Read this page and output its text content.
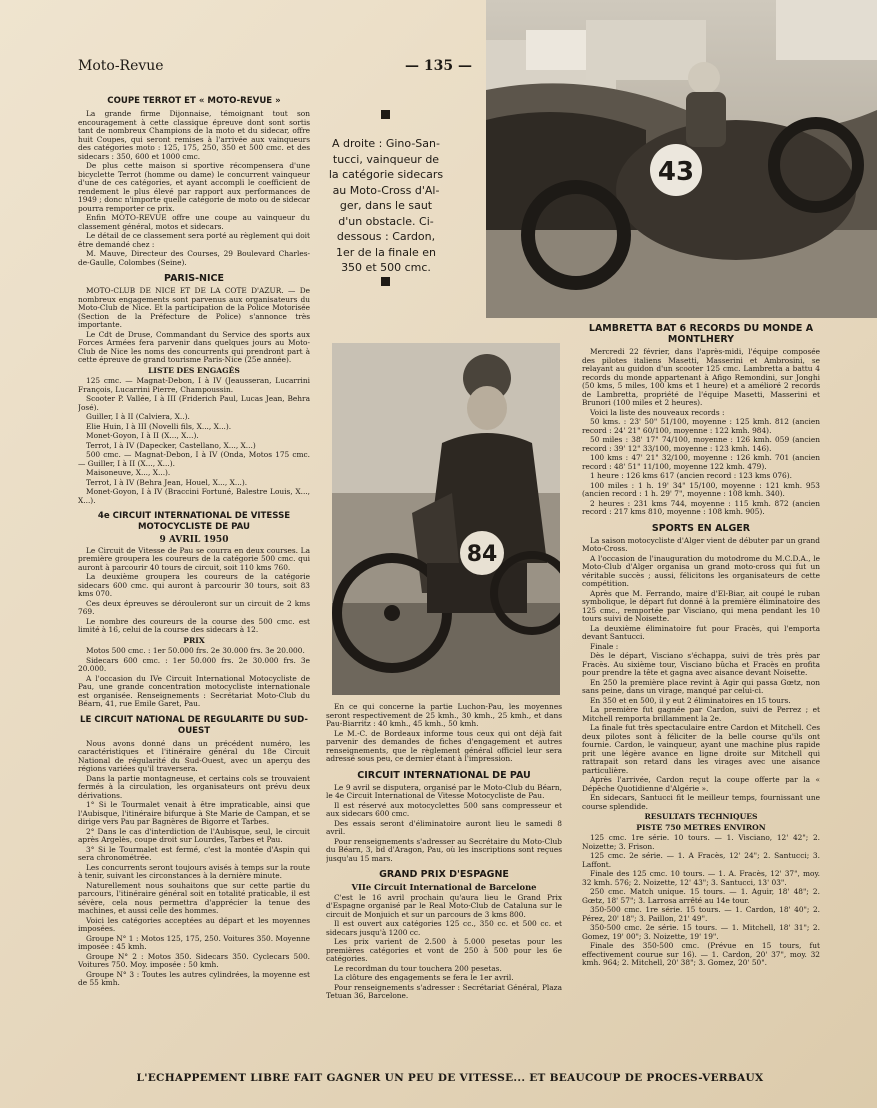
Moto-Revue	— 135 —
COUPE TERROT ET « MOTO-REVUE »

La grande firme Dijonnaise, témoignant tout son encouragement à cette classique épreuve dont sont sortis tant de nombreux Champions de la moto et du sidecar, offre huit Coupes, qui seront remises à l'arrivée aux vainqueurs des catégories moto : 125, 175, 250, 350 et 500 cmc. et des sidecars : 350, 600 et 1000 cmc.

De plus cette maison si sportive récompensera d'une bicyclette Terrot (homme ou dame) le concurrent vainqueur d'une de ces catégories, et ayant accompli le coefficient de rendement le plus élevé par rapport aux performances de 1949 ; donc n'importe quelle catégorie de moto ou de sidecar pourra remporter ce prix.

Enfin MOTO-REVUE offre une coupe au vainqueur du classement général, motos et sidecars.

Le détail de ce classement sera porté au règlement qui doit être demandé chez :

M. Mauve, Directeur des Courses, 29 Boulevard Charles-de-Gaulle, Colombes (Seine).

PARIS-NICE

MOTO-CLUB DE NICE ET DE LA COTE D'AZUR. — De nombreux engagements sont parvenus aux organisateurs du Moto-Club de Nice. Et la participation de la Police Motorisée (Section de la Préfecture de Police) s'annonce très importante.

Le Cdt de Druse, Commandant du Service des sports aux Forces Armées fera parvenir dans quelques jours au Moto-Club de Nice les noms des concurrents qui prendront part à cette épreuve de grand tourisme Paris-Nice (25e année).

LISTE DES ENGAGÉS

125 cmc. — Magnat-Debon, I à IV (Jeausseran, Lucarrini François, Lucarrini Pierre, Champoussin.

Scooter P. Vallée, I à III (Friderich Paul, Lucas Jean, Behra José).

Guiller, I à II (Calviera, X..).

Elie Huin, I à III (Novelli fils, X..., X...).

Monet-Goyon, I à II (X..., X...).

Terrot, I à IV (Dapecker, Castellano, X..., X...)

500 cmc. — Magnat-Debon, I à IV (Onda, Motos 175 cmc. — Guiller, I à II (X..., X...).

Maisoneuve, X..., X...).

Terrot, I à IV (Behra Jean, Houel, X..., X...).

Monet-Goyon, I à IV (Braccini Fortuné, Balestre Louis, X..., X...).

4e CIRCUIT INTERNATIONAL DE VITESSE MOTOCYCLISTE DE PAU
9 AVRIL 1950

Le Circuit de Vitesse de Pau se courra en deux courses. La première groupera les coureurs de la catégorie 500 cmc. qui auront à parcourir 40 tours de circuit, soit 110 kms 760.

La deuxième groupera les coureurs de la catégorie sidecars 600 cmc. qui auront à parcourir 30 tours, soit 83 kms 070.

Ces deux épreuves se dérouleront sur un circuit de 2 kms 769.

Le nombre des coureurs de la course des 500 cmc. est limité à 16, celui de la course des sidecars à 12.

PRIX

Motos 500 cmc. : 1er 50.000 frs. 2e 30.000 frs. 3e 20.000.

Sidecars 600 cmc. : 1er 50.000 frs. 2e 30.000 frs. 3e 20.000.

A l'occasion du IVe Circuit International Motocycliste de Pau, une grande concentration motocycliste internationale est organisée. Renseignements : Secrétariat Moto-Club du Béarn, 41, rue Emile Garet, Pau.

LE CIRCUIT NATIONAL DE REGULARITE DU SUD-OUEST

Nous avons donné dans un précédent numéro, les caractéristiques et l'itinéraire général du 18e Circuit National de régularité du Sud-Ouest, avec un aperçu des régions variées qu'il traversera.

Dans la partie montagneuse, et certains cols se trouvaient fermés à la circulation, les organisateurs ont prévu deux dérivations.

1° Si le Tourmalet venait à être impraticable, ainsi que l'Aubisque, l'itinéraire bifurque à Ste Marie de Campan, et se dirige vers Pau par Bagnères de Bigorre et Tarbes.

2° Dans le cas d'interdiction de l'Aubisque, seul, le circuit après Argelès, coupe droit sur Lourdes, Tarbes et Pau.

3° Si le Tourmalet est fermé, c'est la montée d'Aspin qui sera chronométrée.

Les concurrents seront toujours avisés à temps sur la route à tenir, suivant les circonstances à la dernière minute.

Naturellement nous souhaitons que sur cette partie du parcours, l'itinéraire général soit en totalité praticable, il est sévère, cela nous permettra d'apprécier la tenue des machines, et aussi celle des hommes.

Voici les catégories acceptées au départ et les moyennes imposées.

Groupe N° 1 : Motos 125, 175, 250. Voitures 350. Moyenne imposée : 45 kmh.

Groupe N° 2 : Motos 350. Sidecars 350. Cyclecars 500. Voitures 750. Moy. imposée : 50 kmh.

Groupe N° 3 : Toutes les autres cylindrées, la moyenne est de 55 kmh.

A droite : Gino-San-
tucci, vainqueur de
la catégorie sidecars
au Moto-Cross d'Al-
ger, dans le saut
d'un obstacle. Ci-
dessous : Cardon,
1er de la finale en
350 et 500 cmc.
43
84

En ce qui concerne la partie Luchon-Pau, les moyennes seront respectivement de 25 kmh., 30 kmh., 25 kmh., et dans Pau-Biarritz : 40 kmh., 45 kmh., 50 kmh.

Le M.-C. de Bordeaux informe tous ceux qui ont déjà fait parvenir des demandes de fiches d'engagement et autres renseignements, que le règlement général officiel leur sera adressé sous peu, ce dernier étant à l'impression.

CIRCUIT INTERNATIONAL DE PAU

Le 9 avril se disputera, organisé par le Moto-Club du Béarn, le 4e Circuit International de Vitesse Motocycliste de Pau.

Il est réservé aux motocyclettes 500 sans compresseur et aux sidecars 600 cmc.

Des essais seront d'éliminatoire auront lieu le samedi 8 avril.

Pour renseignements s'adresser au Secrétaire du Moto-Club du Béarn, 3, bd d'Aragon, Pau, où les inscriptions sont reçues jusqu'au 15 mars.

GRAND PRIX D'ESPAGNE
VIIe Circuit International de Barcelone

C'est le 16 avril prochain qu'aura lieu le Grand Prix d'Espagne organisé par le Real Moto-Club de Cataluna sur le circuit de Monjuich et sur un parcours de 3 kms 800.

Il est ouvert aux catégories 125 cc., 350 cc. et 500 cc. et sidecars jusqu'à 1200 cc.

Les prix varient de 2.500 à 5.000 pesetas pour les premières catégories et vont de 250 à 500 pour les 6e catégories.

Le recordman du tour touchera 200 pesetas.

La clôture des engagements se fera le 1er avril.

Pour renseignements s'adresser : Secrétariat Général, Plaza Tetuan 36, Barcelone.

LAMBRETTA BAT 6 RECORDS DU MONDE A MONTLHERY

Mercredi 22 février, dans l'après-midi, l'équipe composée des pilotes italiens Masetti, Masserini et Ambrosini, se relayant au guidon d'un scooter 125 cmc. Lambretta a battu 4 records du monde appartenant à Afigo Remondini, sur Jonghi (50 kms, 5 miles, 100 kms et 1 heure) et a amélioré 2 records de Lambretta, propriété de l'équipe Masetti, Masserini et Brunori (100 miles et 2 heures).

Voici la liste des nouveaux records :

50 kms. : 23' 50" 51/100, moyenne : 125 kmh. 812 (ancien record : 24' 21" 60/100, moyenne : 122 kmh. 984).

50 miles : 38' 17" 74/100, moyenne : 126 kmh. 059 (ancien record : 39' 12" 33/100, moyenne : 123 kmh. 146).

100 kms : 47' 21" 32/100, moyenne : 126 kmh. 701 (ancien record : 48' 51" 11/100, moyenne 122 kmh. 479).

1 heure : 126 kms 617 (ancien record : 123 kms 076).

100 miles : 1 h. 19' 34" 15/100, moyenne : 121 kmh. 953 (ancien record : 1 h. 29' 7", moyenne : 108 kmh. 340).

2 heures : 231 kms 744, moyenne : 115 kmh. 872 (ancien record : 217 kms 810, moyenne : 108 kmh. 905).

SPORTS EN ALGER

La saison motocycliste d'Alger vient de débuter par un grand Moto-Cross.

A l'occasion de l'inauguration du motodrome du M.C.D.A., le Moto-Club d'Alger organisa un grand moto-cross qui fut un véritable succès ; aussi, félicitons les organisateurs de cette compétition.

Après que M. Ferrando, maire d'El-Biar, ait coupé le ruban symbolique, le départ fut donné à la première éliminatoire des 125 cmc., remportée par Visciano, qui mena pendant les 10 tours suivi de Noisette.

La deuxième éliminatoire fut pour Fracès, qui l'emporta devant Santucci.

Finale :

Dès le départ, Visciano s'échappa, suivi de très près par Fracès. Au sixième tour, Visciano bûcha et Fracès en profita pour prendre la tête et gagna avec aisance devant Noisette.

En 250 la première place revint à Agir qui passa Gœtz, non sans peine, dans un virage, manqué par celui-ci.

En 350 et en 500, il y eut 2 éliminatoires en 15 tours.

La première fut gagnée par Cardon, suivi de Perrez ; et Mitchell remporta brillamment la 2e.

La finale fut très spectaculaire entre Cardon et Mitchell. Ces deux pilotes sont à féliciter de la belle course qu'ils ont fournie. Cardon, le vainqueur, ayant une machine plus rapide prit une légère avance en ligne droite sur Mitchell qui rattrapait son retard dans les virages avec une aisance particulière.

Après l'arrivée, Cardon reçut la coupe offerte par la « Dépêche Quotidienne d'Algérie ».

En sidecars, Santucci fit le meilleur temps, fournissant une course splendide.

RESULTATS TECHNIQUES
PISTE 750 METRES ENVIRON

125 cmc. 1re série. 10 tours. — 1. Visciano, 12' 42"; 2. Noizette; 3. Frison.

125 cmc. 2e série. — 1. A Fracès, 12' 24"; 2. Santucci; 3. Laffont.

Finale des 125 cmc. 10 tours. — 1. A. Fracès, 12' 37", moy. 32 kmh. 576; 2. Noizette, 12' 43"; 3. Santucci, 13' 03".

250 cmc. Match unique. 15 tours. — 1. Aguir, 18' 48"; 2. Gœtz, 18' 57"; 3. Larrosa arrêté au 14e tour.

350-500 cmc. 1re série. 15 tours. — 1. Cardon, 18' 40"; 2. Pérez, 20' 18"; 3. Paillon, 21' 49".

350-500 cmc. 2e série. 15 tours. — 1. Mitchell, 18' 31"; 2. Gomez, 19' 00"; 3. Noizette, 19' 19".

Finale des 350-500 cmc. (Prévue en 15 tours, fut effectivement courue sur 16). — 1. Cardon, 20' 37", moy. 32 kmh. 964; 2. Mitchell, 20' 38"; 3. Gomez, 20' 50".

L'ECHAPPEMENT LIBRE FAIT GAGNER UN PEU DE VITESSE... ET BEAUCOUP DE PROCES-VERBAUX
